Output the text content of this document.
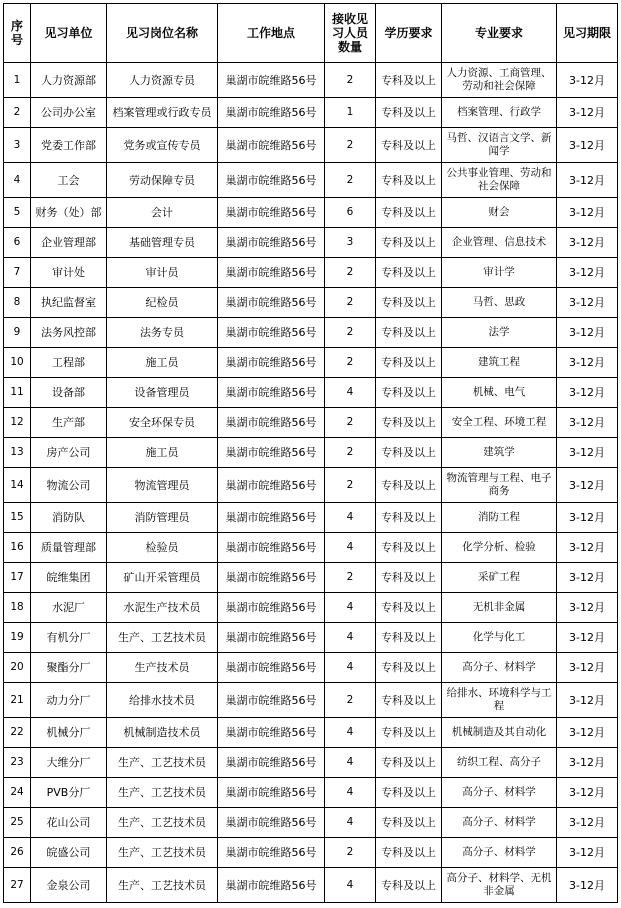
序号	见习单位	见习岗位名称	工作地点	接收见习人员数量	学历要求	专业要求	见习期限
1	人力资源部	人力资源专员	巢湖市皖维路56号	2	专科及以上	人力资源、工商管理、劳动和社会保障	3-12月
2	公司办公室	档案管理或行政专员	巢湖市皖维路56号	1	专科及以上	档案管理、行政学	3-12月
3	党委工作部	党务或宣传专员	巢湖市皖维路56号	2	专科及以上	马哲、汉语言文学、新闻学	3-12月
4	工会	劳动保障专员	巢湖市皖维路56号	2	专科及以上	公共事业管理、劳动和社会保障	3-12月
5	财务（处）部	会计	巢湖市皖维路56号	6	专科及以上	财会	3-12月
6	企业管理部	基础管理专员	巢湖市皖维路56号	3	专科及以上	企业管理、信息技术	3-12月
7	审计处	审计员	巢湖市皖维路56号	2	专科及以上	审计学	3-12月
8	执纪监督室	纪检员	巢湖市皖维路56号	2	专科及以上	马哲、思政	3-12月
9	法务风控部	法务专员	巢湖市皖维路56号	2	专科及以上	法学	3-12月
10	工程部	施工员	巢湖市皖维路56号	2	专科及以上	建筑工程	3-12月
11	设备部	设备管理员	巢湖市皖维路56号	4	专科及以上	机械、电气	3-12月
12	生产部	安全环保专员	巢湖市皖维路56号	2	专科及以上	安全工程、环境工程	3-12月
13	房产公司	施工员	巢湖市皖维路56号	2	专科及以上	建筑学	3-12月
14	物流公司	物流管理员	巢湖市皖维路56号	2	专科及以上	物流管理与工程、电子商务	3-12月
15	消防队	消防管理员	巢湖市皖维路56号	4	专科及以上	消防工程	3-12月
16	质量管理部	检验员	巢湖市皖维路56号	4	专科及以上	化学分析、检验	3-12月
17	皖维集团	矿山开采管理员	巢湖市皖维路56号	2	专科及以上	采矿工程	3-12月
18	水泥厂	水泥生产技术员	巢湖市皖维路56号	4	专科及以上	无机非金属	3-12月
19	有机分厂	生产、工艺技术员	巢湖市皖维路56号	4	专科及以上	化学与化工	3-12月
20	聚酯分厂	生产技术员	巢湖市皖维路56号	4	专科及以上	高分子、材料学	3-12月
21	动力分厂	给排水技术员	巢湖市皖维路56号	2	专科及以上	给排水、环境科学与工程	3-12月
22	机械分厂	机械制造技术员	巢湖市皖维路56号	4	专科及以上	机械制造及其自动化	3-12月
23	大维分厂	生产、工艺技术员	巢湖市皖维路56号	4	专科及以上	纺织工程、高分子	3-12月
24	PVB分厂	生产、工艺技术员	巢湖市皖维路56号	4	专科及以上	高分子、材料学	3-12月
25	花山公司	生产、工艺技术员	巢湖市皖维路56号	4	专科及以上	高分子、材料学	3-12月
26	皖盛公司	生产、工艺技术员	巢湖市皖维路56号	2	专科及以上	高分子、材料学	3-12月
27	金泉公司	生产、工艺技术员	巢湖市皖维路56号	4	专科及以上	高分子、材料学、无机非金属	3-12月
